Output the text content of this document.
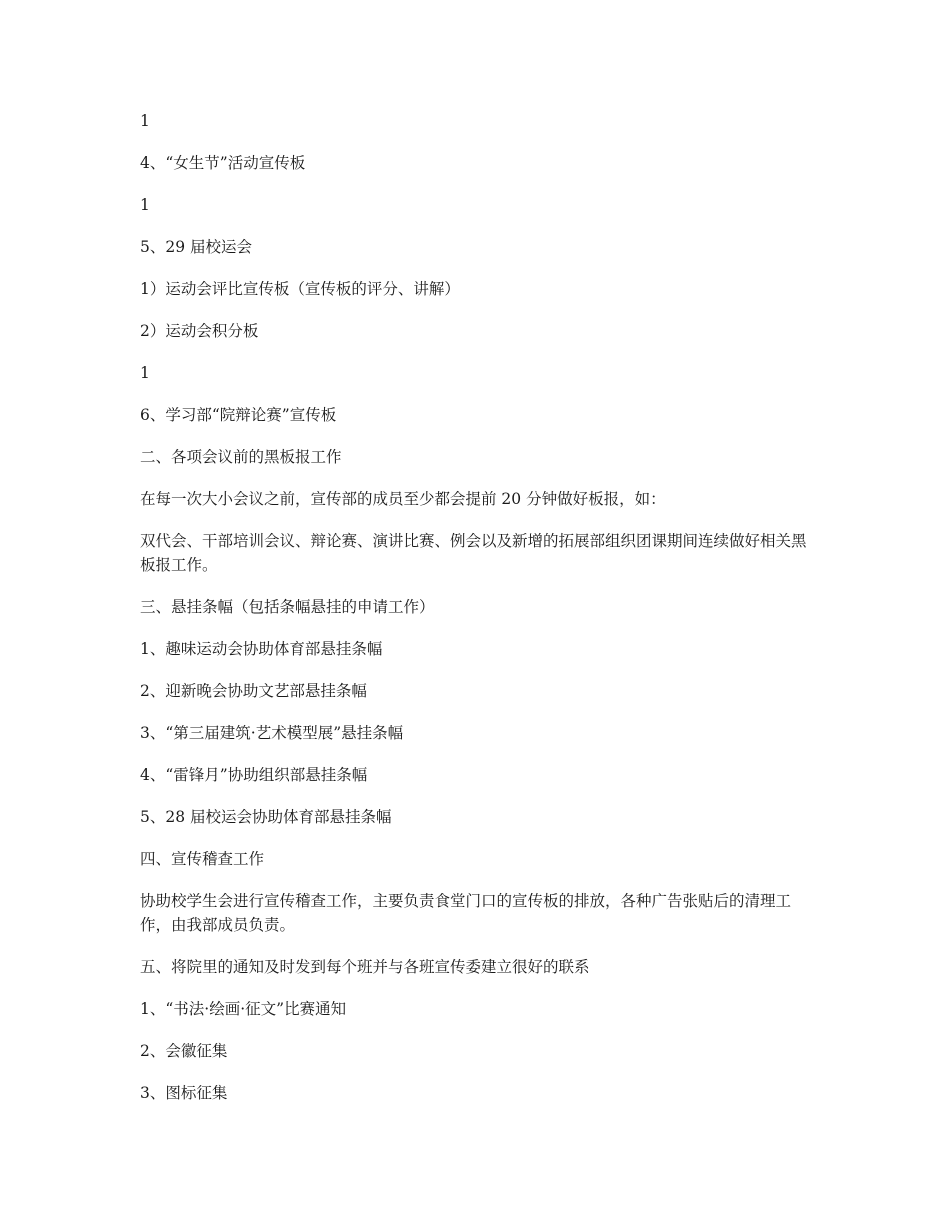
1

4、“女生节”活动宣传板

1

5、29 届校运会

1）运动会评比宣传板（宣传板的评分、讲解）

2）运动会积分板

1

6、学习部“院辩论赛”宣传板

二、各项会议前的黑板报工作

在每一次大小会议之前，宣传部的成员至少都会提前 20 分钟做好板报，如：

双代会、干部培训会议、辩论赛、演讲比赛、例会以及新增的拓展部组织团课期间连续做好相关黑板报工作。

三、悬挂条幅（包括条幅悬挂的申请工作）

1、趣味运动会协助体育部悬挂条幅

2、迎新晚会协助文艺部悬挂条幅

3、“第三届建筑·艺术模型展”悬挂条幅

4、“雷锋月”协助组织部悬挂条幅

5、28 届校运会协助体育部悬挂条幅

四、宣传稽查工作

协助校学生会进行宣传稽查工作，主要负责食堂门口的宣传板的排放，各种广告张贴后的清理工作，由我部成员负责。

五、将院里的通知及时发到每个班并与各班宣传委建立很好的联系

1、“书法·绘画·征文”比赛通知

2、会徽征集

3、图标征集
